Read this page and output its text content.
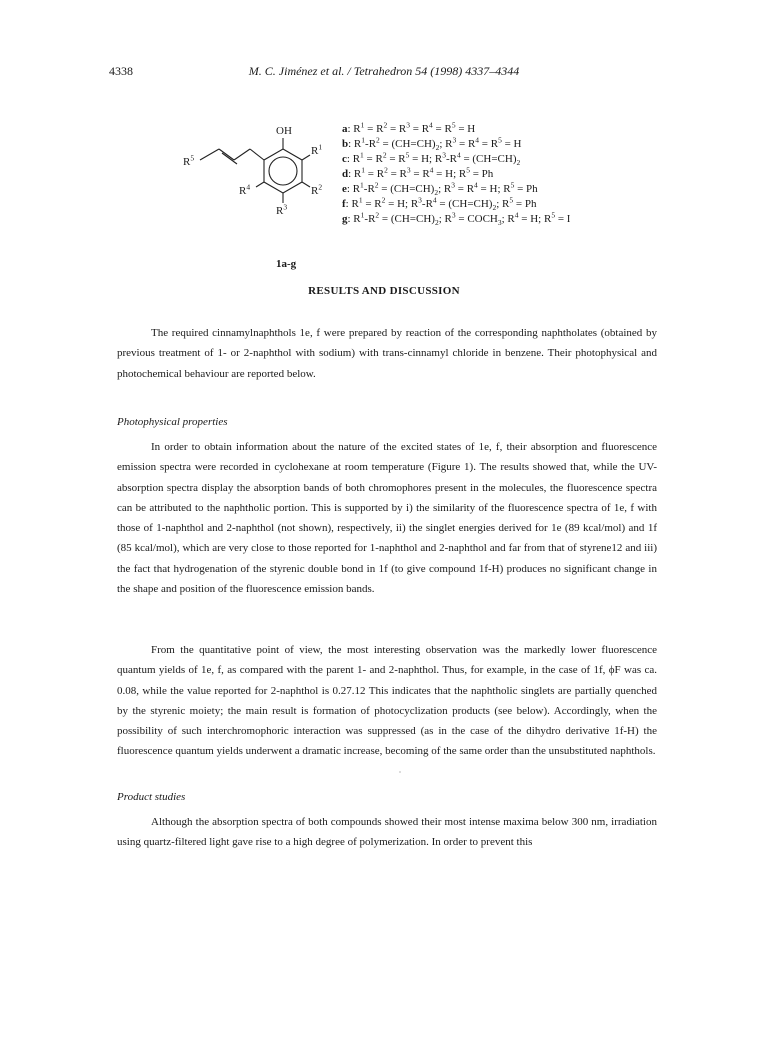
4338	M. C. Jiménez et al. / Tetrahedron 54 (1998) 4337–4344
OH
$R^1$
$R^2$
$R^3$
$R^4$
$R^5$
1a-g
a: $R^1 = R^2 = R^3 = R^4 = R^5 = H$
b: $R^1-R^2 = (CH=CH)_2$; $R^3 = R^4 = R^5 = H$
c: $R^1 = R^2 = R^5 = H$; $R^3-R^4 = (CH=CH)_2$
d: $R^1 = R^2 = R^3 = R^4 = H$; $R^5 = Ph$
e: $R^1-R^2 = (CH=CH)_2$; $R^3 = R^4 = H$; $R^5 = Ph$
f: $R^1 = R^2 = H$; $R^3-R^4 = (CH=CH)_2$; $R^5 = Ph$
g: $R^1-R^2 = (CH=CH)_2$; $R^3$ = $COCH_3$; $R^4 = H$; $R^5 = I$
RESULTS AND DISCUSSION

The required cinnamylnaphthols 1e, f were prepared by reaction of the corresponding naphtholates (obtained by previous treatment of 1- or 2-naphthol with sodium) with trans-cinnamyl chloride in benzene. Their photophysical and photochemical behaviour are reported below.

Photophysical properties

In order to obtain information about the nature of the excited states of 1e, f, their absorption and fluorescence emission spectra were recorded in cyclohexane at room temperature (Figure 1). The results showed that, while the UV-absorption spectra display the absorption bands of both chromophores present in the molecules, the fluorescence spectra can be attributed to the naphtholic portion. This is supported by i) the similarity of the fluorescence spectra of 1e, f with those of 1-naphthol and 2-naphthol (not shown), respectively, ii) the singlet energies derived for 1e (89 kcal/mol) and 1f (85 kcal/mol), which are very close to those reported for 1-naphthol and 2-naphthol and far from that of styrene12 and iii) the fact that hydrogenation of the styrenic double bond in 1f (to give compound 1f-H) produces no significant change in the shape and position of the fluorescence emission bands.

From the quantitative point of view, the most interesting observation was the markedly lower fluorescence quantum yields of 1e, f, as compared with the parent 1- and 2-naphthol. Thus, for example, in the case of 1f, ϕF was ca. 0.08, while the value reported for 2-naphthol is 0.27.12 This indicates that the naphtholic singlets are partially quenched by the styrenic moiety; the main result is formation of photocyclization products (see below). Accordingly, when the possibility of such interchromophoric interaction was suppressed (as in the case of the dihydro derivative 1f-H) the fluorescence quantum yields underwent a dramatic increase, becoming of the same order than the unsubstituted naphthols.

Product studies

Although the absorption spectra of both compounds showed their most intense maxima below 300 nm, irradiation using quartz-filtered light gave rise to a high degree of polymerization. In order to prevent this
